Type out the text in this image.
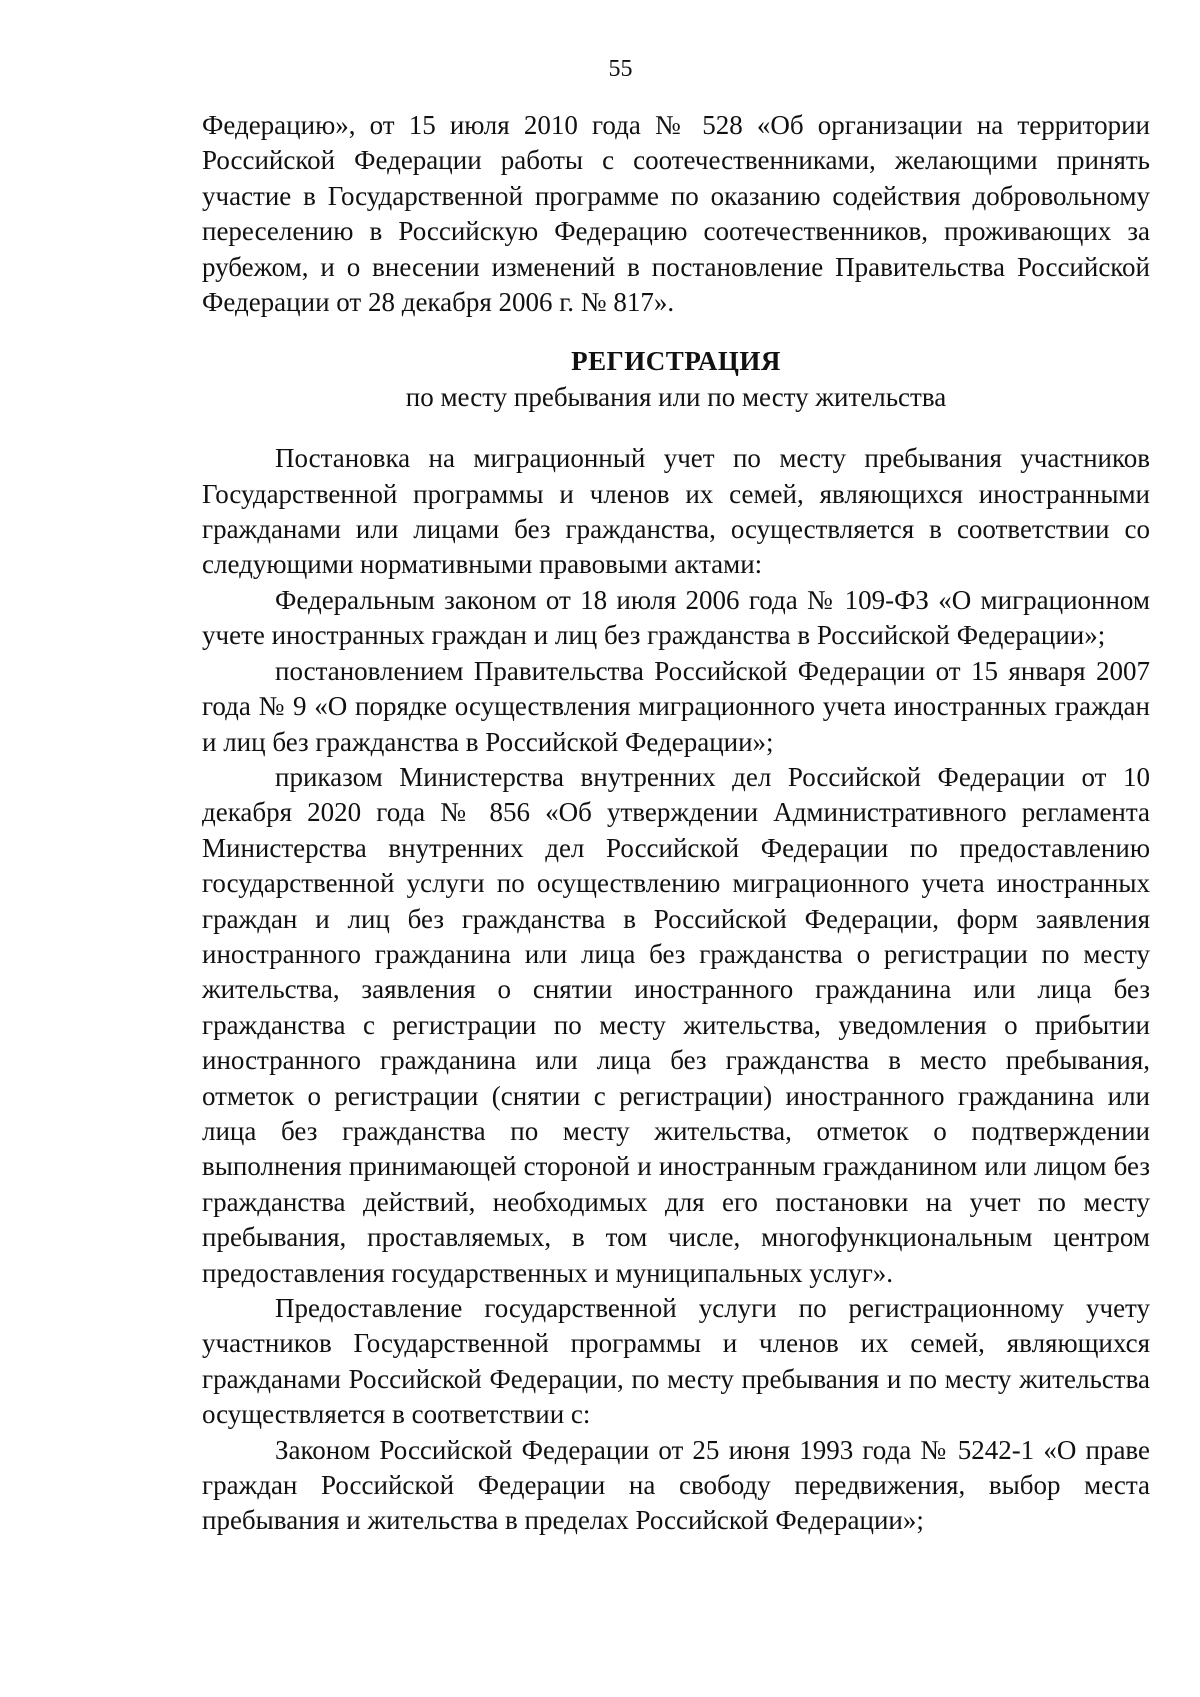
55

Федерацию», от 15 июля 2010 года № 528 «Об организации на территории Российской Федерации работы с соотечественниками, желающими принять участие в Государственной программе по оказанию содействия добровольному переселению в Российскую Федерацию соотечественников, проживающих за рубежом, и о внесении изменений в постановление Правительства Российской Федерации от 28 декабря 2006 г. № 817».

РЕГИСТРАЦИЯ
по месту пребывания или по месту жительства

Постановка на миграционный учет по месту пребывания участников Государственной программы и членов их семей, являющихся иностранными гражданами или лицами без гражданства, осуществляется в соответствии со следующими нормативными правовыми актами:

Федеральным законом от 18 июля 2006 года № 109-ФЗ «О миграционном учете иностранных граждан и лиц без гражданства в Российской Федерации»;

постановлением Правительства Российской Федерации от 15 января 2007 года № 9 «О порядке осуществления миграционного учета иностранных граждан и лиц без гражданства в Российской Федерации»;

приказом Министерства внутренних дел Российской Федерации от 10 декабря 2020 года № 856 «Об утверждении Административного регламента Министерства внутренних дел Российской Федерации по предоставлению государственной услуги по осуществлению миграционного учета иностранных граждан и лиц без гражданства в Российской Федерации, форм заявления иностранного гражданина или лица без гражданства о регистрации по месту жительства, заявления о снятии иностранного гражданина или лица без гражданства с регистрации по месту жительства, уведомления о прибытии иностранного гражданина или лица без гражданства в место пребывания, отметок о регистрации (снятии с регистрации) иностранного гражданина или лица без гражданства по месту жительства, отметок о подтверждении выполнения принимающей стороной и иностранным гражданином или лицом без гражданства действий, необходимых для его постановки на учет по месту пребывания, проставляемых, в том числе, многофункциональным центром предоставления государственных и муниципальных услуг».

Предоставление государственной услуги по регистрационному учету участников Государственной программы и членов их семей, являющихся гражданами Российской Федерации, по месту пребывания и по месту жительства осуществляется в соответствии с:

Законом Российской Федерации от 25 июня 1993 года № 5242-1 «О праве граждан Российской Федерации на свободу передвижения, выбор места пребывания и жительства в пределах Российской Федерации»;
